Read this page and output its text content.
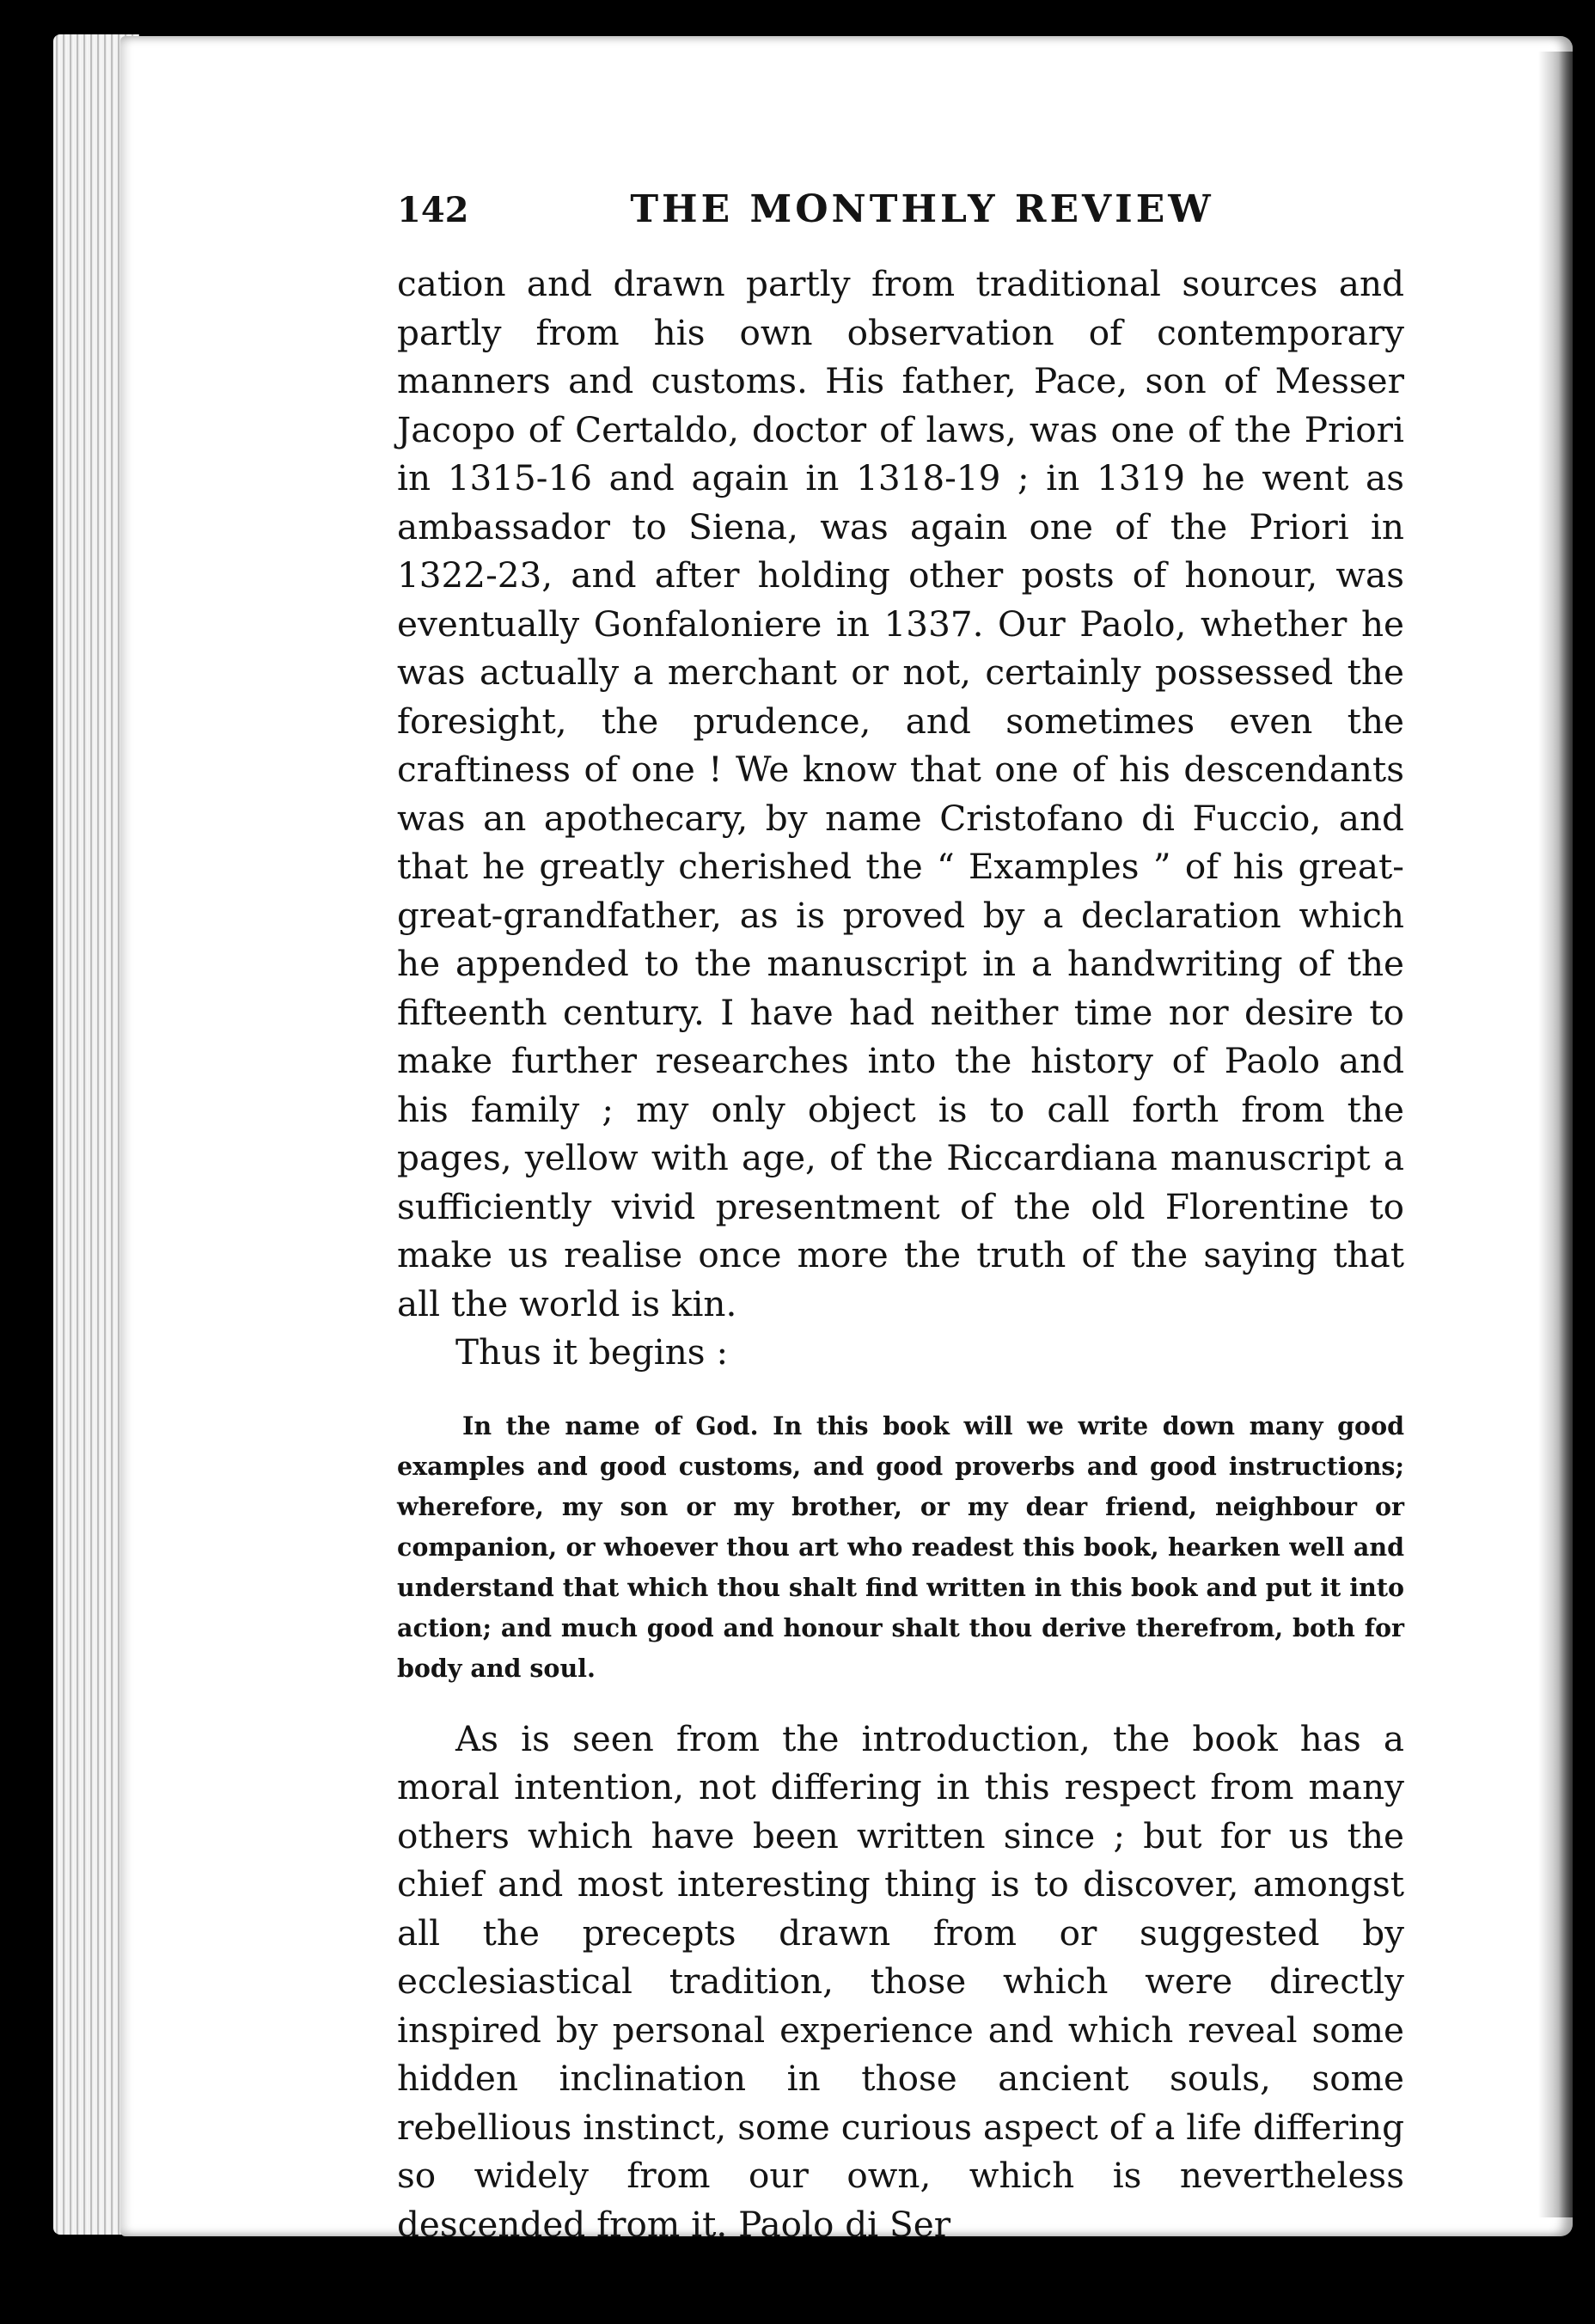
142	THE MONTHLY REVIEW

cation and drawn partly from traditional sources and partly from his own observation of contemporary manners and customs. His father, Pace, son of Messer Jacopo of Certaldo, doctor of laws, was one of the Priori in 1315-16 and again in 1318-19 ; in 1319 he went as ambassador to Siena, was again one of the Priori in 1322-23, and after holding other posts of honour, was eventually Gonfaloniere in 1337. Our Paolo, whether he was actually a merchant or not, certainly possessed the foresight, the prudence, and sometimes even the craftiness of one ! We know that one of his descendants was an apothecary, by name Cristofano di Fuccio, and that he greatly cherished the “ Examples ” of his great-great-grandfather, as is proved by a declaration which he appended to the manuscript in a handwriting of the fifteenth century. I have had neither time nor desire to make further researches into the history of Paolo and his family ; my only object is to call forth from the pages, yellow with age, of the Riccardiana manuscript a sufficiently vivid presentment of the old Florentine to make us realise once more the truth of the saying that all the world is kin.

Thus it begins :

In the name of God. In this book will we write down many good examples and good customs, and good proverbs and good instructions; wherefore, my son or my brother, or my dear friend, neighbour or companion, or whoever thou art who readest this book, hearken well and understand that which thou shalt find written in this book and put it into action; and much good and honour shalt thou derive therefrom, both for body and soul.

As is seen from the introduction, the book has a moral intention, not differing in this respect from many others which have been written since ; but for us the chief and most interesting thing is to discover, amongst all the precepts drawn from or suggested by ecclesiastical tradition, those which were directly inspired by personal experience and which reveal some hidden inclination in those ancient souls, some rebellious instinct, some curious aspect of a life differing so widely from our own, which is nevertheless descended from it. Paolo di Ser
